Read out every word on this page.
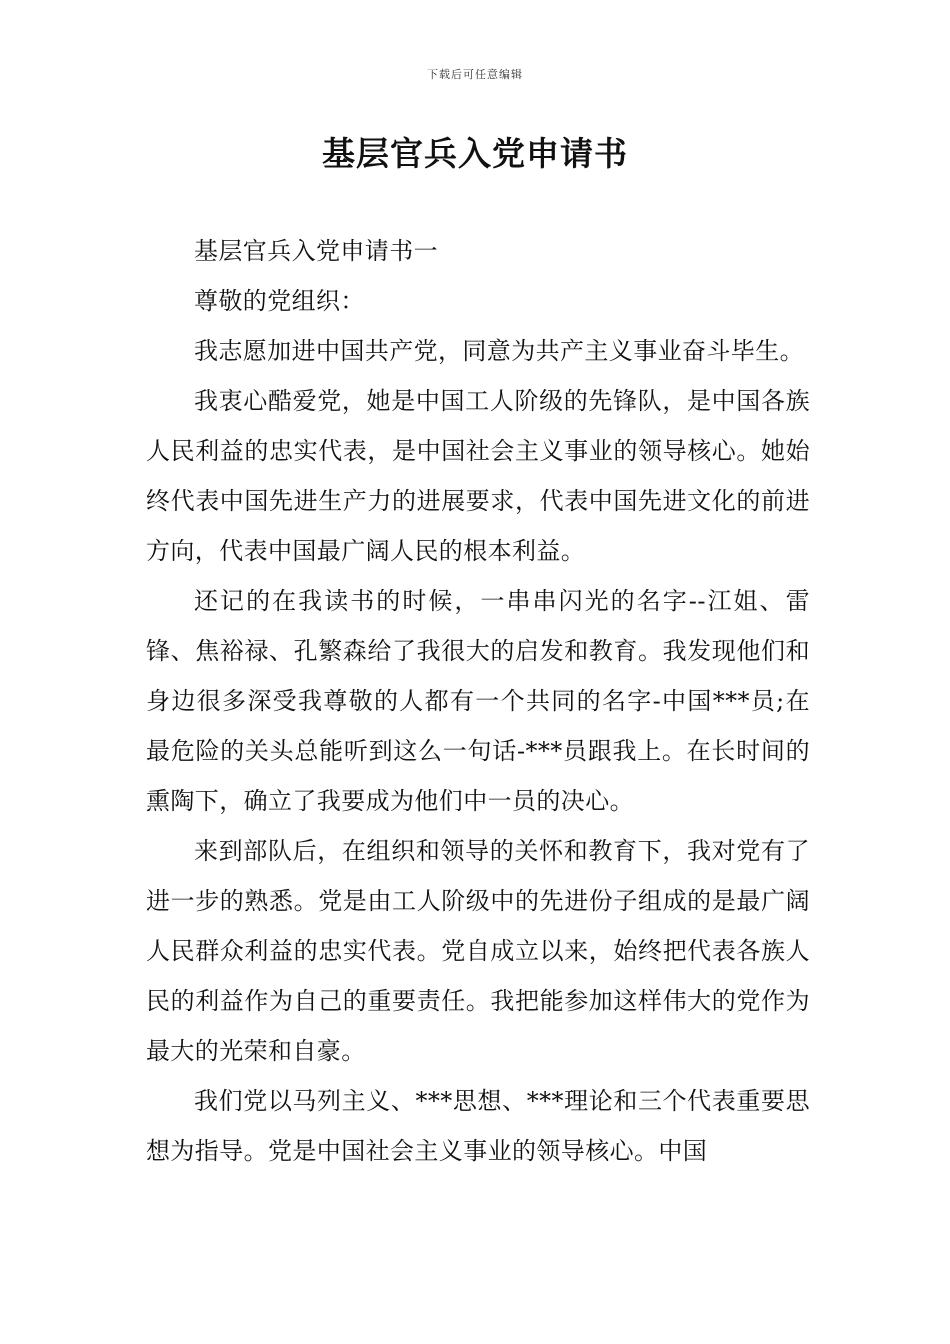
下载后可任意编辑
基层官兵入党申请书

基层官兵入党申请书一

尊敬的党组织：

我志愿加进中国共产党，同意为共产主义事业奋斗毕生。

我衷心酷爱党，她是中国工人阶级的先锋队，是中国各族人民利益的忠实代表，是中国社会主义事业的领导核心。她始终代表中国先进生产力的进展要求，代表中国先进文化的前进方向，代表中国最广阔人民的根本利益。

还记的在我读书的时候，一串串闪光的名字--江姐、雷锋、焦裕禄、孔繁森给了我很大的启发和教育。我发现他们和身边很多深受我尊敬的人都有一个共同的名字-中国***员;在最危险的关头总能听到这么一句话-***员跟我上。在长时间的熏陶下，确立了我要成为他们中一员的决心。

来到部队后，在组织和领导的关怀和教育下，我对党有了进一步的熟悉。党是由工人阶级中的先进份子组成的是最广阔人民群众利益的忠实代表。党自成立以来，始终把代表各族人民的利益作为自己的重要责任。我把能参加这样伟大的党作为最大的光荣和自豪。

我们党以马列主义、***思想、***理论和三个代表重要思想为指导。党是中国社会主义事业的领导核心。中国
